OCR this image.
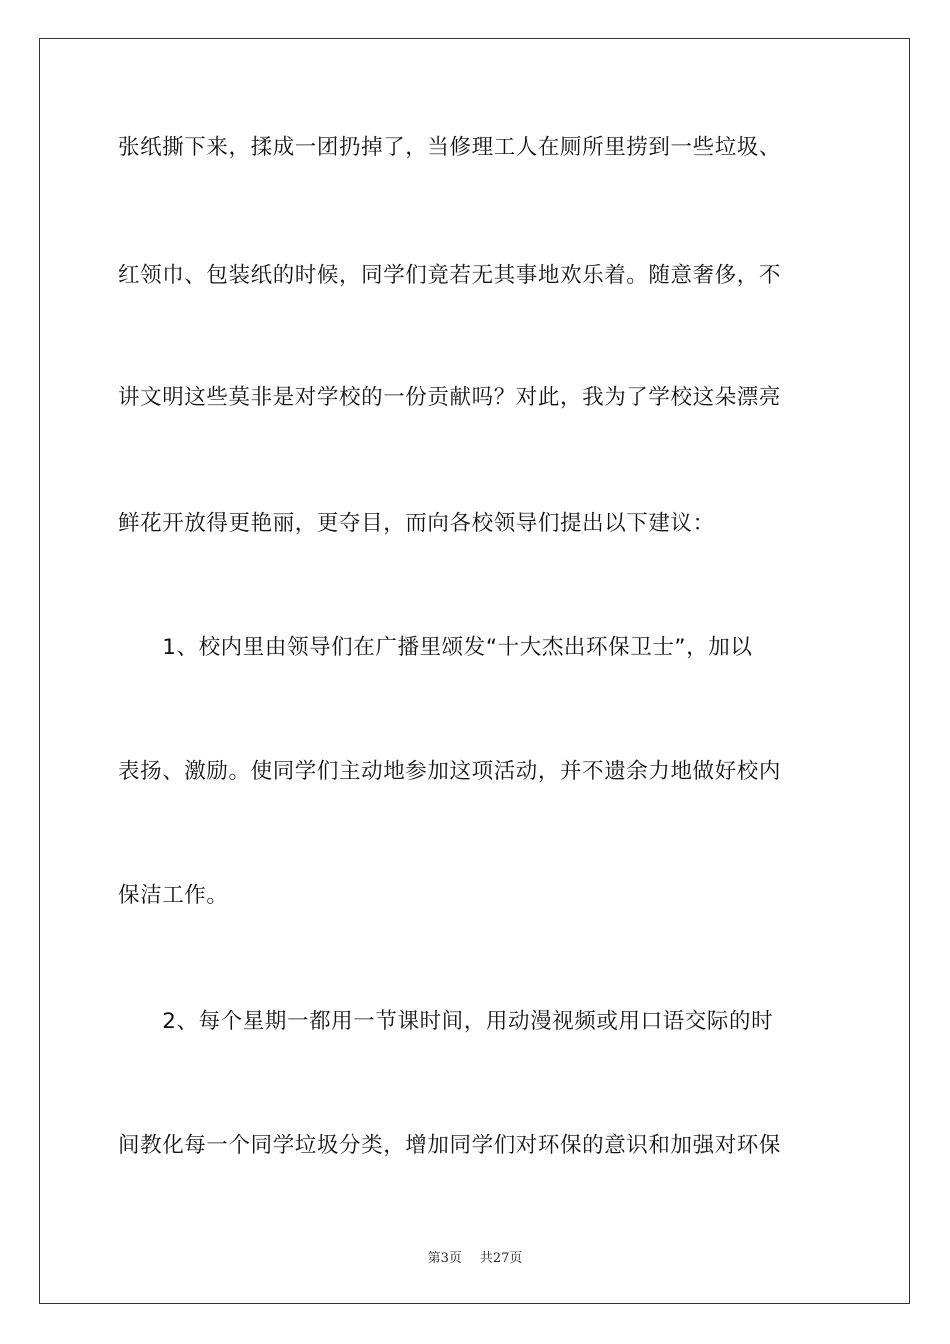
张纸撕下来，揉成一团扔掉了，当修理工人在厕所里捞到一些垃圾、
红领巾、包装纸的时候，同学们竟若无其事地欢乐着。随意奢侈，不
讲文明这些莫非是对学校的一份贡献吗？对此，我为了学校这朵漂亮
鲜花开放得更艳丽，更夺目，而向各校领导们提出以下建议：
　　1、校内里由领导们在广播里颂发“十大杰出环保卫士”，加以
表扬、激励。使同学们主动地参加这项活动，并不遗余力地做好校内
保洁工作。
　　2、每个星期一都用一节课时间，用动漫视频或用口语交际的时
间教化每一个同学垃圾分类，增加同学们对环保的意识和加强对环保
第3页 共27页
